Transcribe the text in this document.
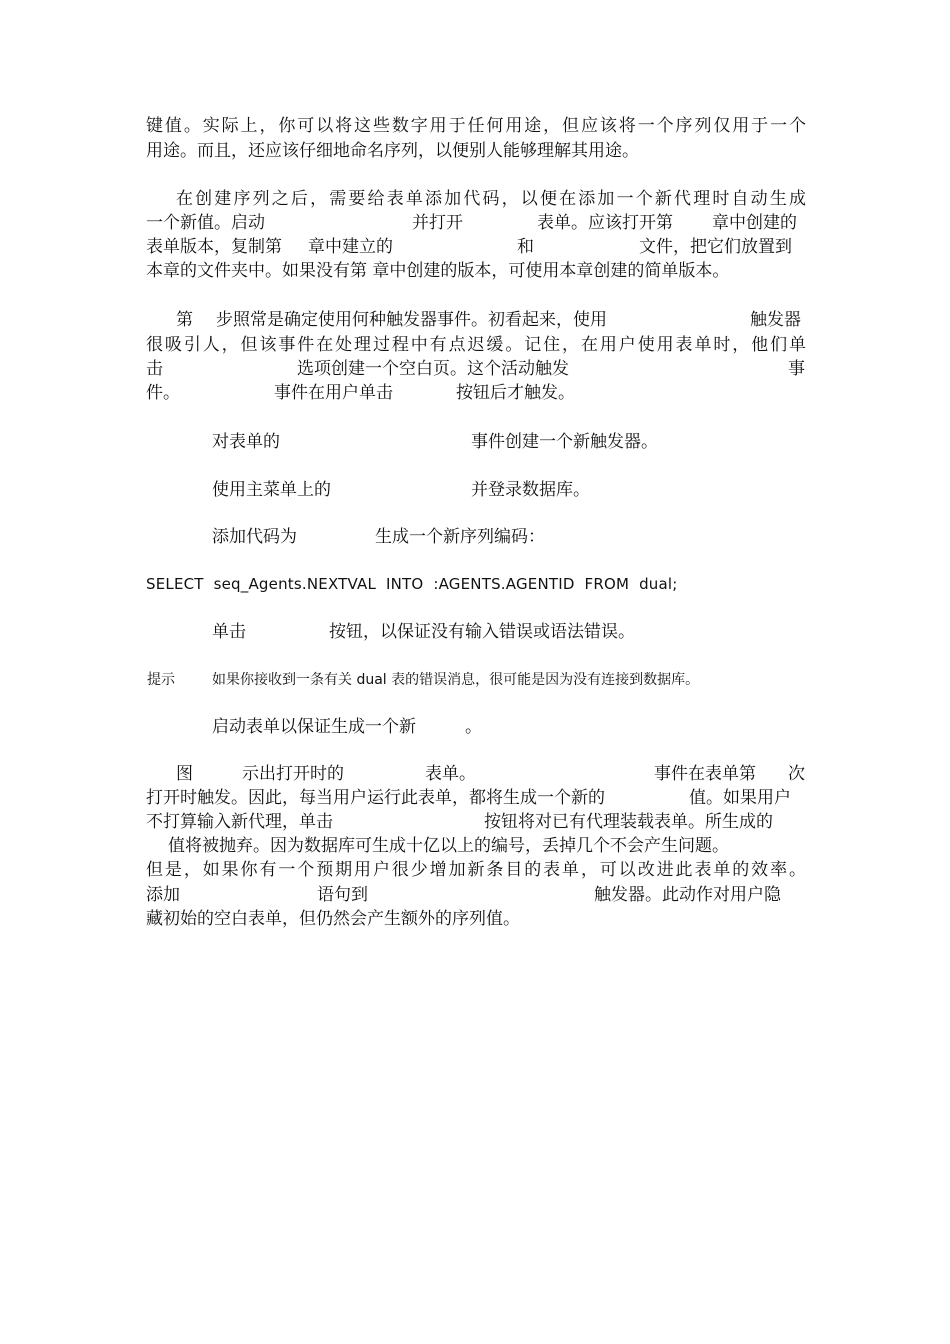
键值。实际上，你可以将这些数字用于任何用途，但应该将一个序列仅用于一个
用途。而且，还应该仔细地命名序列，以便别人能够理解其用途。
在创建序列之后，需要给表单添加代码，以便在添加一个新代理时自动生成
一个新值。启动	并打开	表单。应该打开第 章中创建的
表单版本，复制第 章中建立的	和	文件，把它们放置到
本章的文件夹中。如果没有第 章中创建的版本，可使用本章创建的简单版本。
第 步照常是确定使用何种触发器事件。初看起来，使用	触发器
很吸引人，但该事件在处理过程中有点迟缓。记住，在用户使用表单时，他们单
击	选项创建一个空白页。这个活动触发	事
件。	事件在用户单击	按钮后才触发。
对表单的	事件创建一个新触发器。
使用主菜单上的	并登录数据库。
添加代码为	生成一个新序列编码：
SELECT  seq_Agents.NEXTVAL  INTO  :AGENTS.AGENTID  FROM  dual;
单击	按钮，以保证没有输入错误或语法错误。
提示	如果你接收到一条有关 dual 表的错误消息，很可能是因为没有连接到数据库。
启动表单以保证生成一个新	。
图	示出打开时的	表单。	事件在表单第 次
打开时触发。因此，每当用户运行此表单，都将生成一个新的	值。如果用户
不打算输入新代理，单击	按钮将对已有代理装载表单。所生成的
值将被抛弃。因为数据库可生成十亿以上的编号，丢掉几个不会产生问题。
但是，如果你有一个预期用户很少增加新条目的表单，可以改进此表单的效率。
添加	语句到	触发器。此动作对用户隐
藏初始的空白表单，但仍然会产生额外的序列值。
